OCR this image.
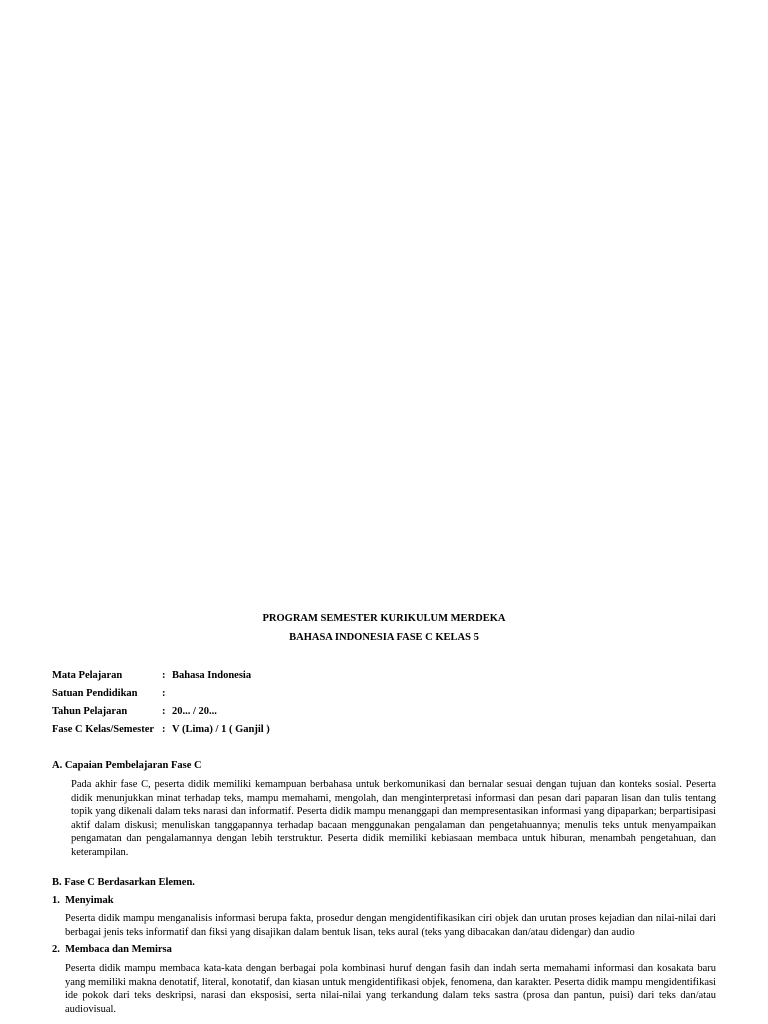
PROGRAM SEMESTER KURIKULUM MERDEKA
BAHASA INDONESIA FASE C KELAS 5
Mata Pelajaran	: Bahasa Indonesia
Satuan Pendidikan	:
Tahun Pelajaran	: 20... / 20...
Fase C Kelas/Semester : V (Lima) / 1 ( Ganjil )
A. Capaian Pembelajaran Fase C
Pada akhir fase C, peserta didik memiliki kemampuan berbahasa untuk berkomunikasi dan bernalar sesuai dengan tujuan dan konteks sosial. Peserta didik menunjukkan minat terhadap teks, mampu memahami, mengolah, dan menginterpretasi informasi dan pesan dari paparan lisan dan tulis tentang topik yang dikenali dalam teks narasi dan informatif. Peserta didik mampu menanggapi dan mempresentasikan informasi yang dipaparkan; berpartisipasi aktif dalam diskusi; menuliskan tanggapannya terhadap bacaan menggunakan pengalaman dan pengetahuannya; menulis teks untuk menyampaikan pengamatan dan pengalamannya dengan lebih terstruktur. Peserta didik memiliki kebiasaan membaca untuk hiburan, menambah pengetahuan, dan keterampilan.
B. Fase C Berdasarkan Elemen.
1.  Menyimak
Peserta didik mampu menganalisis informasi berupa fakta, prosedur dengan mengidentifikasikan ciri objek dan urutan proses kejadian dan nilai-nilai dari berbagai jenis teks informatif dan fiksi yang disajikan dalam bentuk lisan, teks aural (teks yang dibacakan dan/atau didengar) dan audio
2.  Membaca dan Memirsa
Peserta didik mampu membaca kata-kata dengan berbagai pola kombinasi huruf dengan fasih dan indah serta memahami informasi dan kosakata baru yang memiliki makna denotatif, literal, konotatif, dan kiasan untuk mengidentifikasi objek, fenomena, dan karakter. Peserta didik mampu mengidentifikasi ide pokok dari teks deskripsi, narasi dan eksposisi, serta nilai-nilai yang terkandung dalam teks sastra (prosa dan pantun, puisi) dari teks dan/atau audiovisual.
